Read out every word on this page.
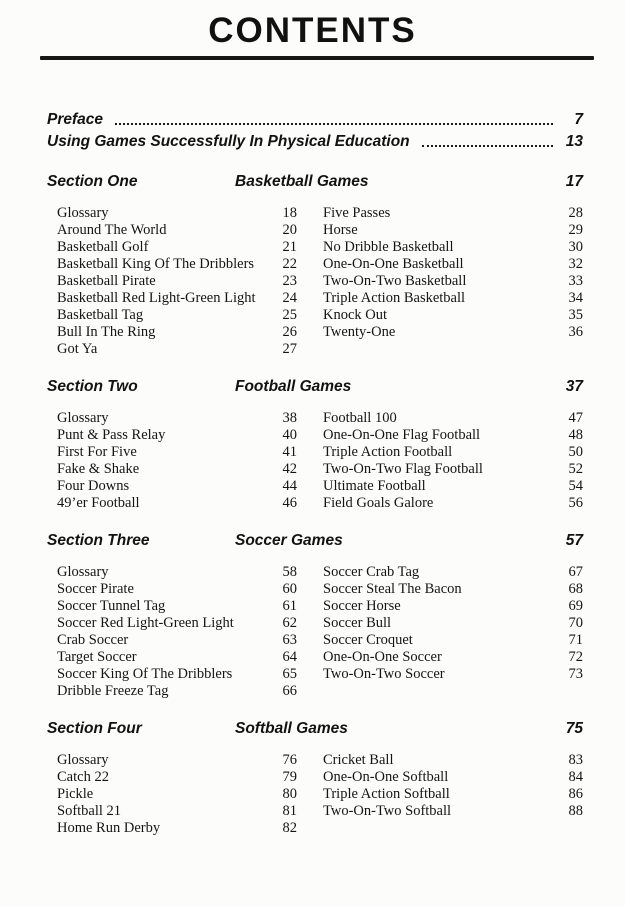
CONTENTS
Preface	7
Using Games Successfully In Physical Education	13
Section One	Basketball Games	17
Glossary	18 Five Passes	28
Around The World	20 Horse	29
Basketball Golf	21 No Dribble Basketball	30
Basketball King Of The Dribblers	22 One-On-One Basketball	32
Basketball Pirate	23 Two-On-Two Basketball	33
Basketball Red Light-Green Light	24 Triple Action Basketball	34
Basketball Tag	25 Knock Out	35
Bull In The Ring	26 Twenty-One	36
Got Ya	27
Section Two	Football Games	37
Glossary	38 Football 100	47
Punt & Pass Relay	40 One-On-One Flag Football	48
First For Five	41 Triple Action Football	50
Fake & Shake	42 Two-On-Two Flag Football	52
Four Downs	44 Ultimate Football	54
49’er Football	46 Field Goals Galore	56
Section Three	Soccer Games	57
Glossary	58 Soccer Crab Tag	67
Soccer Pirate	60 Soccer Steal The Bacon	68
Soccer Tunnel Tag	61 Soccer Horse	69
Soccer Red Light-Green Light	62 Soccer Bull	70
Crab Soccer	63 Soccer Croquet	71
Target Soccer	64 One-On-One Soccer	72
Soccer King Of The Dribblers	65 Two-On-Two Soccer	73
Dribble Freeze Tag	66
Section Four	Softball Games	75
Glossary	76 Cricket Ball	83
Catch 22	79 One-On-One Softball	84
Pickle	80 Triple Action Softball	86
Softball 21	81 Two-On-Two Softball	88
Home Run Derby	82
